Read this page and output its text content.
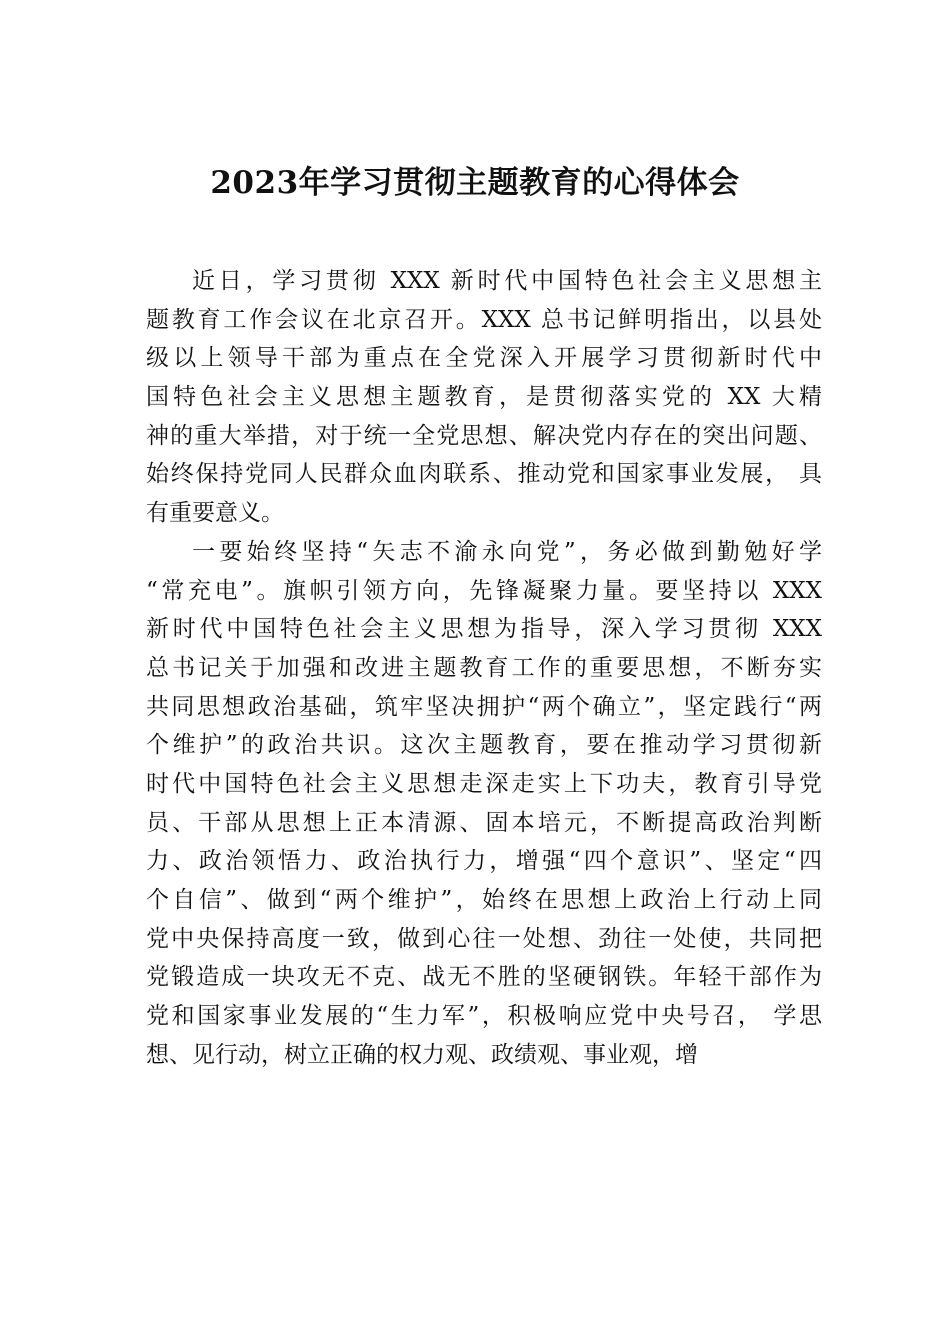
2023年学习贯彻主题教育的心得体会
近日，学习贯彻 XXX 新时代中国特色社会主义思想主
题教育工作会议在北京召开。XXX 总书记鲜明指出，以县处
级以上领导干部为重点在全党深入开展学习贯彻新时代中
国特色社会主义思想主题教育，是贯彻落实党的 XX 大精
神的重大举措，对于统一全党思想、解决党内存在的突出问题、
始终保持党同人民群众血肉联系、推动党和国家事业发展， 具
有重要意义。
一要始终坚持“矢志不渝永向党”，务必做到勤勉好学
“常充电”。旗帜引领方向，先锋凝聚力量。要坚持以 XXX
新时代中国特色社会主义思想为指导，深入学习贯彻 XXX
总书记关于加强和改进主题教育工作的重要思想，不断夯实
共同思想政治基础，筑牢坚决拥护“两个确立”，坚定践行“两
个维护”的政治共识。这次主题教育，要在推动学习贯彻新
时代中国特色社会主义思想走深走实上下功夫，教育引导党
员、干部从思想上正本清源、固本培元，不断提高政治判断
力、政治领悟力、政治执行力，增强“四个意识”、坚定“四
个自信”、做到“两个维护”，始终在思想上政治上行动上同
党中央保持高度一致，做到心往一处想、劲往一处使，共同把
党锻造成一块攻无不克、战无不胜的坚硬钢铁。年轻干部作为
党和国家事业发展的“生力军”，积极响应党中央号召， 学思
想、见行动，树立正确的权力观、政绩观、事业观，增
